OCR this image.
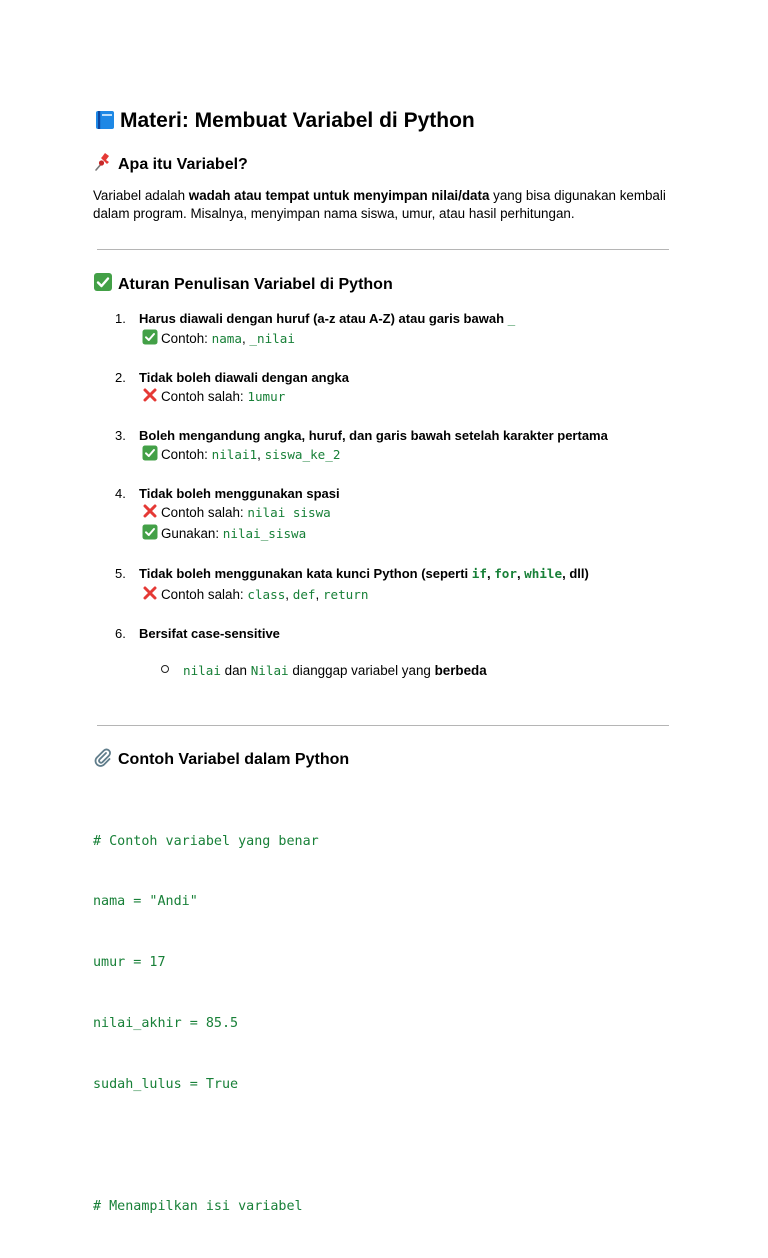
Materi: Membuat Variabel di Python
Apa itu Variabel?

Variabel adalah wadah atau tempat untuk menyimpan nilai/data yang bisa digunakan kembali dalam program. Misalnya, menyimpan nama siswa, umur, atau hasil perhitungan.

Aturan Penulisan Variabel di Python
1. Harus diawali dengan huruf (a-z atau A-Z) atau garis bawah _
Contoh: nama, _nilai
2. Tidak boleh diawali dengan angka
Contoh salah: 1umur
3. Boleh mengandung angka, huruf, dan garis bawah setelah karakter pertama
Contoh: nilai1, siswa_ke_2
4. Tidak boleh menggunakan spasi
Contoh salah: nilai siswa
Gunakan: nilai_siswa
5. Tidak boleh menggunakan kata kunci Python (seperti if, for, while, dll)
Contoh salah: class, def, return
6. Bersifat case-sensitive
nilai dan Nilai dianggap variabel yang berbeda
Contoh Variabel dalam Python

# Contoh variabel yang benar

nama = "Andi"

umur = 17

nilai_akhir = 85.5

sudah_lulus = True

# Menampilkan isi variabel
